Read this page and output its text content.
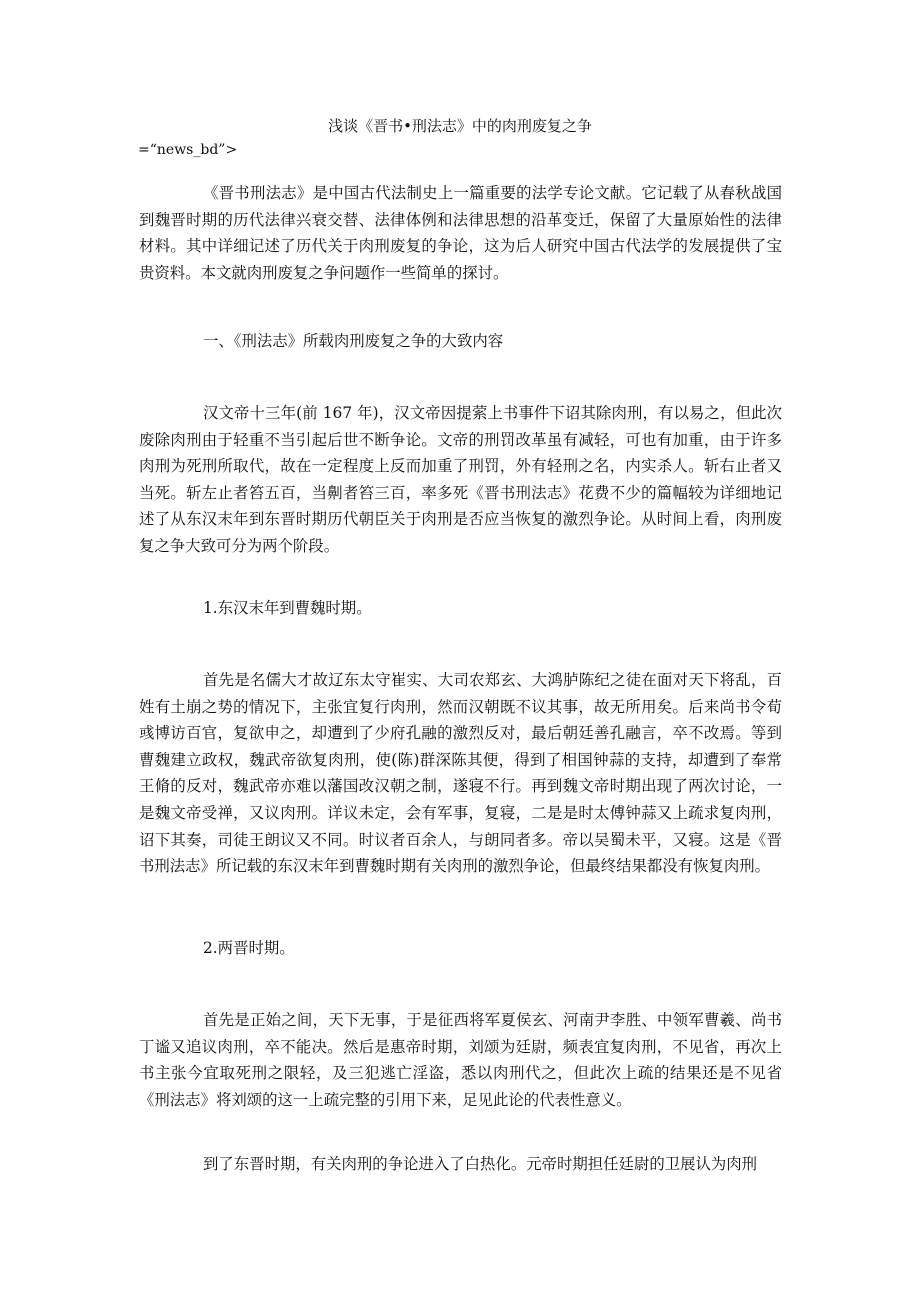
浅谈《晋书•刑法志》中的肉刑废复之争
=“news_bd”>

《晋书刑法志》是中国古代法制史上一篇重要的法学专论文献。它记载了从春秋战国到魏晋时期的历代法律兴衰交替、法律体例和法律思想的沿革变迁，保留了大量原始性的法律材料。其中详细记述了历代关于肉刑废复的争论，这为后人研究中国古代法学的发展提供了宝贵资料。本文就肉刑废复之争问题作一些简单的探讨。

一、《刑法志》所载肉刑废复之争的大致内容

汉文帝十三年(前 167 年)，汉文帝因提萦上书事件下诏其除肉刑，有以易之，但此次废除肉刑由于轻重不当引起后世不断争论。文帝的刑罚改革虽有减轻，可也有加重，由于许多肉刑为死刑所取代，故在一定程度上反而加重了刑罚，外有轻刑之名，内实杀人。斩右止者又当死。斩左止者笞五百，当劓者笞三百，率多死《晋书刑法志》花费不少的篇幅较为详细地记述了从东汉末年到东晋时期历代朝臣关于肉刑是否应当恢复的激烈争论。从时间上看，肉刑废复之争大致可分为两个阶段。

1.东汉末年到曹魏时期。

首先是名儒大才故辽东太守崔实、大司农郑玄、大鸿胪陈纪之徒在面对天下将乱，百姓有土崩之势的情况下，主张宜复行肉刑，然而汉朝既不议其事，故无所用矣。后来尚书令荀彧博访百官，复欲申之，却遭到了少府孔融的激烈反对，最后朝廷善孔融言，卒不改焉。等到曹魏建立政权，魏武帝欲复肉刑，使(陈)群深陈其便，得到了相国钟蒜的支持，却遭到了奉常王脩的反对，魏武帝亦难以藩国改汉朝之制，遂寝不行。再到魏文帝时期出现了两次讨论，一是魏文帝受禅，又议肉刑。详议未定，会有军事，复寝，二是是时太傅钟蒜又上疏求复肉刑，诏下其奏，司徒王朗议又不同。时议者百余人，与朗同者多。帝以吴蜀未平，又寝。这是《晋书刑法志》所记载的东汉末年到曹魏时期有关肉刑的激烈争论，但最终结果都没有恢复肉刑。

2.两晋时期。

首先是正始之间，天下无事，于是征西将军夏侯玄、河南尹李胜、中领军曹羲、尚书丁谧又追议肉刑，卒不能决。然后是惠帝时期，刘颂为廷尉，频表宜复肉刑，不见省，再次上书主张今宜取死刑之限轻，及三犯逃亡淫盗，悉以肉刑代之，但此次上疏的结果还是不见省《刑法志》将刘颂的这一上疏完整的引用下来，足见此论的代表性意义。

到了东晋时期，有关肉刑的争论进入了白热化。元帝时期担任廷尉的卫展认为肉刑
